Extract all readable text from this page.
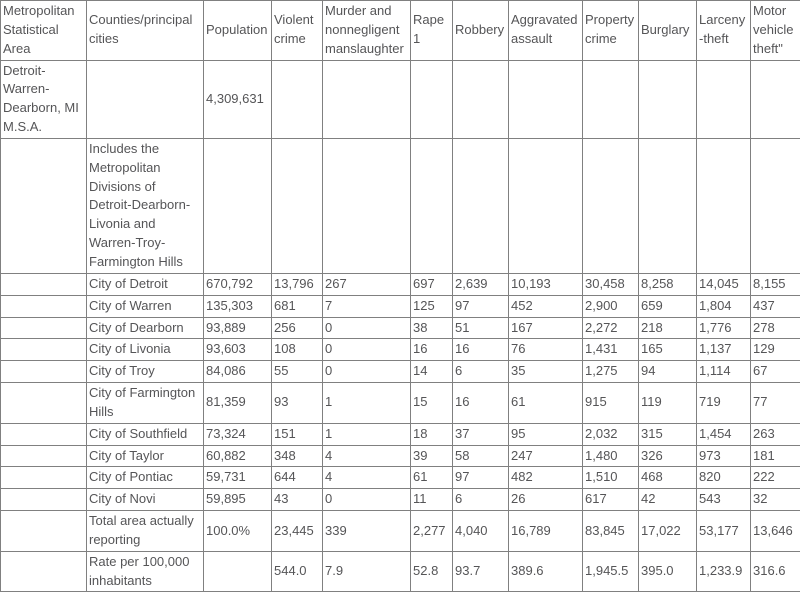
Metropolitan Statistical Area	Counties/principal cities	Population	Violent crime	Murder and nonnegligent manslaughter	Rape1	Robbery	Aggravated assault	Property crime	Burglary	Larceny-theft	Motor vehicle theft"
Detroit-Warren-Dearborn, MI M.S.A.		4,309,631									
	Includes the Metropolitan Divisions of Detroit-Dearborn-Livonia and Warren-Troy-Farmington Hills										
	City of Detroit	670,792	13,796	267	697	2,639	10,193	30,458	8,258	14,045	8,155
	City of Warren	135,303	681	7	125	97	452	2,900	659	1,804	437
	City of Dearborn	93,889	256	0	38	51	167	2,272	218	1,776	278
	City of Livonia	93,603	108	0	16	16	76	1,431	165	1,137	129
	City of Troy	84,086	55	0	14	6	35	1,275	94	1,114	67
	City of Farmington Hills	81,359	93	1	15	16	61	915	119	719	77
	City of Southfield	73,324	151	1	18	37	95	2,032	315	1,454	263
	City of Taylor	60,882	348	4	39	58	247	1,480	326	973	181
	City of Pontiac	59,731	644	4	61	97	482	1,510	468	820	222
	City of Novi	59,895	43	0	11	6	26	617	42	543	32
	Total area actually reporting	100.0%	23,445	339	2,277	4,040	16,789	83,845	17,022	53,177	13,646
	Rate per 100,000 inhabitants		544.0	7.9	52.8	93.7	389.6	1,945.5	395.0	1,233.9	316.6
